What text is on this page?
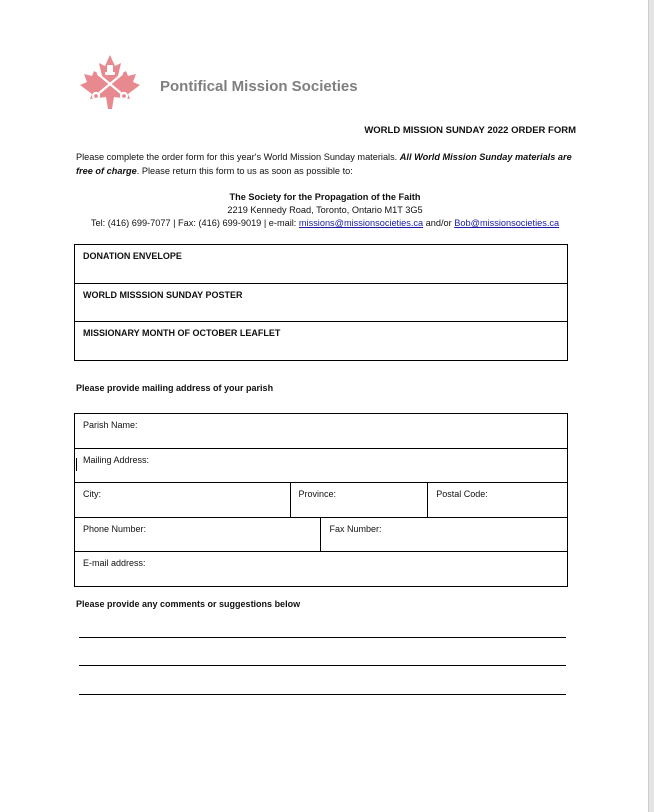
Pontifical Mission Societies
WORLD MISSION SUNDAY 2022 ORDER FORM
Please complete the order form for this year's World Mission Sunday materials. All World Mission Sunday materials are free of charge. Please return this form to us as soon as possible to:
The Society for the Propagation of the Faith
2219 Kennedy Road, Toronto, Ontario M1T 3G5
Tel: (416) 699-7077 | Fax: (416) 699-9019 | e-mail: missions@missionsocieties.ca and/or Bob@missionsocieties.ca
DONATION ENVELOPE
WORLD MISSSION SUNDAY POSTER
MISSIONARY MONTH OF OCTOBER LEAFLET
Please provide mailing address of your parish
Parish Name:			
Mailing Address:			
City:	Province:		Postal Code:
Phone Number:		Fax Number:	
E-mail address:			
Please provide any comments or suggestions below
